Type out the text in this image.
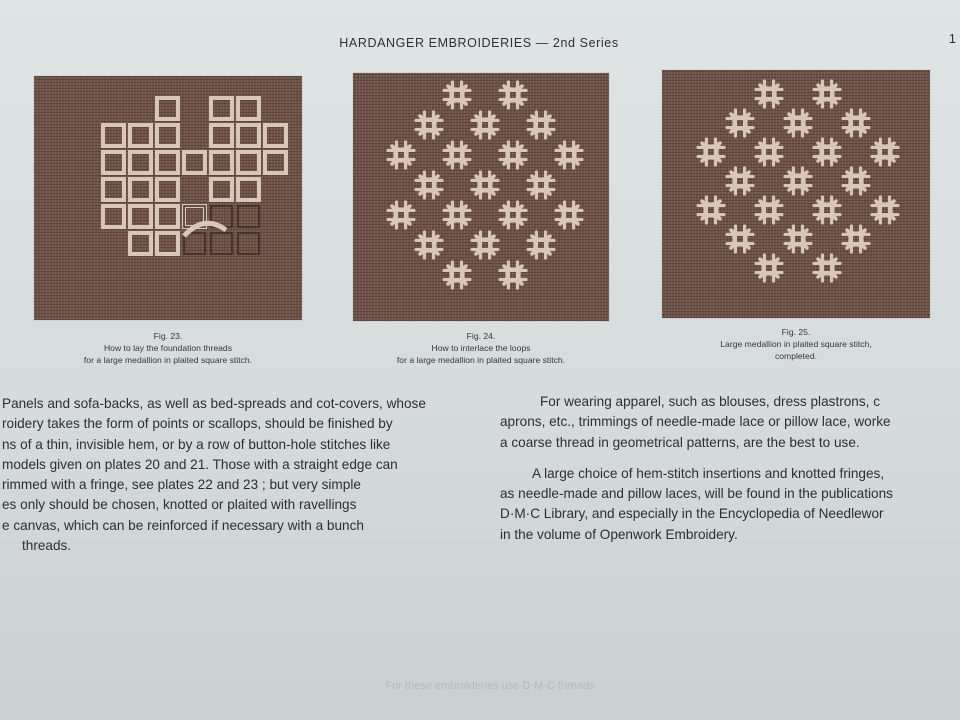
HARDANGER EMBROIDERIES — 2nd Series	1
Fig. 23.
How to lay the foundation threads
for a large medallion in plaited square stitch.
Fig. 24.
How to interlace the loops
for a large medallion in plaited square stitch.
Fig. 25.
Large medallion in plaited square stitch,
completed.

Panels and sofa-backs, as well as bed-spreads and cot-covers, whose

roidery takes the form of points or scallops, should be finished by

ns of a thin, invisible hem, or by a row of button-hole stitches like

models given on plates 20 and 21. Those with a straight edge can

rimmed with a fringe, see plates 22 and 23 ; but very simple

es only should be chosen, knotted or plaited with ravellings

e canvas, which can be reinforced if necessary with a bunch

threads.

For wearing apparel, such as blouses, dress plastrons, c

aprons, etc., trimmings of needle-made lace or pillow lace, worke

a coarse thread in geometrical patterns, are the best to use.

A large choice of hem-stitch insertions and knotted fringes,

as needle-made and pillow laces, will be found in the publications

D·M·C Library, and especially in the Encyclopedia of Needlewor

in the volume of Openwork Embroidery.

For these embroideries use D·M·C threads
